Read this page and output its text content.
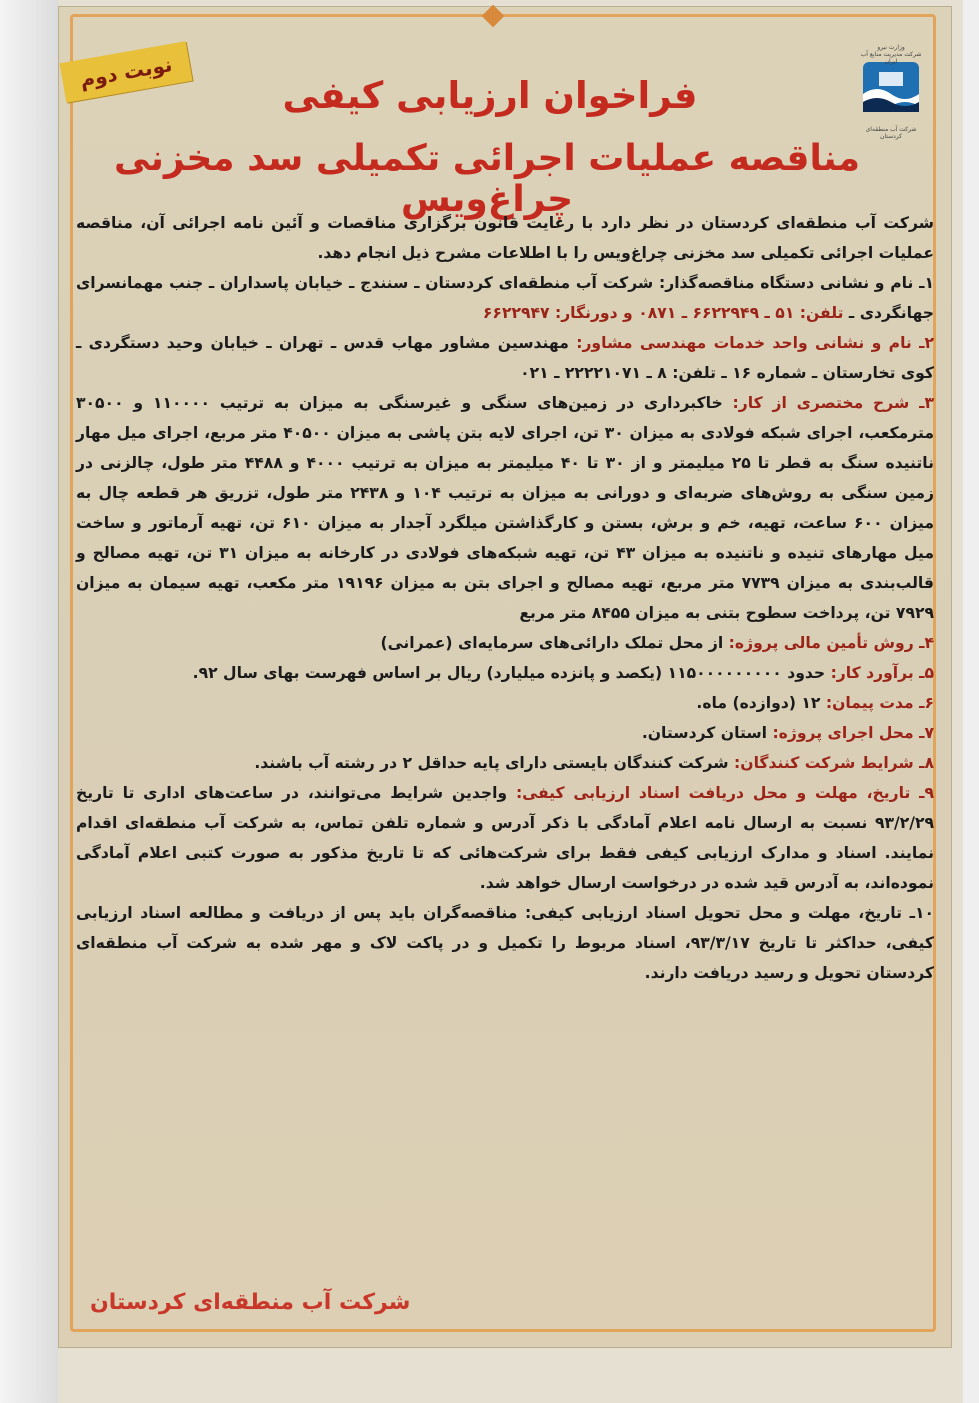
وزارت نیرو
شرکت مدیریت منابع آب ایران
شرکت آب منطقه‌ای کردستان
نوبت دوم
فراخوان ارزیابی کیفی
مناقصه عملیات اجرائی تکمیلی سد مخزنی چراغ‌ویس

شرکت آب منطقه‌ای کردستان در نظر دارد با رعایت قانون برگزاری مناقصات و آئین نامه اجرائی آن، مناقصه عملیات اجرائی تکمیلی سد مخزنی چراغ‌ویس را با اطلاعات مشرح ذیل انجام دهد.

۱ـ نام و نشانی دستگاه مناقصه‌گذار: شرکت آب منطقه‌ای کردستان ـ سنندج ـ خیابان پاسداران ـ جنب مهمانسرای جهانگردی ـ تلفن: ۵۱ ـ ۶۶۲۲۹۴۹ ـ ۰۸۷۱ و دورنگار: ۶۶۲۲۹۴۷

۲ـ نام و نشانی واحد خدمات مهندسی مشاور: مهندسین مشاور مهاب قدس ـ تهران ـ خیابان وحید دستگردی ـ کوی تخارستان ـ شماره ۱۶ ـ تلفن: ۸ ـ ۲۲۲۲۱۰۷۱ ـ ۰۲۱

۳ـ شرح مختصری از کار: خاکبرداری در زمین‌های سنگی و غیرسنگی به میزان به ترتیب ۱۱۰۰۰۰ و ۳۰۵۰۰ مترمکعب، اجرای شبکه فولادی به میزان ۳۰ تن، اجرای لایه بتن پاشی به میزان ۴۰۵۰۰ متر مربع، اجرای میل مهار ناتنیده سنگ به قطر تا ۲۵ میلیمتر و از ۳۰ تا ۴۰ میلیمتر به میزان به ترتیب ۴۰۰۰ و ۴۴۸۸ متر طول، چالزنی در زمین سنگی به روش‌های ضربه‌ای و دورانی به میزان به ترتیب ۱۰۴ و ۲۴۳۸ متر طول، تزریق هر قطعه چال به میزان ۶۰۰ ساعت، تهیه، خم و برش، بستن و کارگذاشتن میلگرد آجدار به میزان ۶۱۰ تن، تهیه آرماتور و ساخت میل مهارهای تنیده و ناتنیده به میزان ۴۳ تن، تهیه شبکه‌های فولادی در کارخانه به میزان ۳۱ تن، تهیه مصالح و قالب‌بندی به میزان ۷۷۳۹ متر مربع، تهیه مصالح و اجرای بتن به میزان ۱۹۱۹۶ متر مکعب، تهیه سیمان به میزان ۷۹۲۹ تن، پرداخت سطوح بتنی به میزان ۸۴۵۵ متر مربع

۴ـ روش تأمین مالی پروژه: از محل تملک دارائی‌های سرمایه‌ای (عمرانی)

۵ـ برآورد کار: حدود ۱۱۵۰۰۰۰۰۰۰۰۰ (یکصد و پانزده میلیارد) ریال بر اساس فهرست بهای سال ۹۲.

۶ـ مدت پیمان: ۱۲ (دوازده) ماه.

۷ـ محل اجرای پروژه: استان کردستان.

۸ـ شرایط شرکت کنندگان: شرکت کنندگان بایستی دارای پایه حداقل ۲ در رشته آب باشند.

۹ـ تاریخ، مهلت و محل دریافت اسناد ارزیابی کیفی: واجدین شرایط می‌توانند، در ساعت‌های اداری تا تاریخ ۹۳/۲/۲۹ نسبت به ارسال نامه اعلام آمادگی با ذکر آدرس و شماره تلفن تماس، به شرکت آب منطقه‌ای اقدام نمایند. اسناد و مدارک ارزیابی کیفی فقط برای شرکت‌هائی که تا تاریخ مذکور به صورت کتبی اعلام آمادگی نموده‌اند، به آدرس قید شده در درخواست ارسال خواهد شد.

۱۰ـ تاریخ، مهلت و محل تحویل اسناد ارزیابی کیفی: مناقصه‌گران باید پس از دریافت و مطالعه اسناد ارزیابی کیفی، حداکثر تا تاریخ ۹۳/۳/۱۷، اسناد مربوط را تکمیل و در پاکت لاک و مهر شده به شرکت آب منطقه‌ای کردستان تحویل و رسید دریافت دارند.

شرکت آب منطقه‌ای کردستان
